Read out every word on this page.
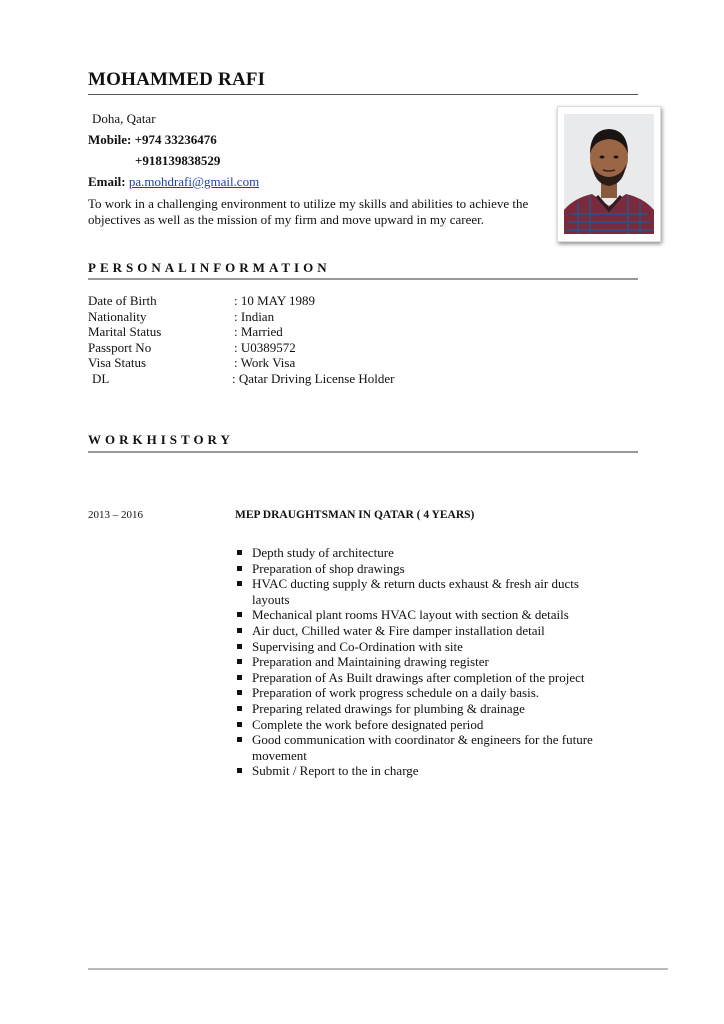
MOHAMMED RAFI
Doha, Qatar
Mobile: +974 33236476
+918139838529
Email: pa.mohdrafi@gmail.com
To work in a challenging environment to utilize my skills and abilities to achieve the objectives as well as the mission of my firm and move upward in my career.
PERSONALINFORMATION
Date of Birth	: 10 MAY 1989
Nationality	: Indian
Marital Status	: Married
Passport No	: U0389572
Visa Status	: Work Visa
DL	: Qatar Driving License Holder
WORKHISTORY
2013 – 2016	MEP DRAUGHTSMAN IN QATAR ( 4 YEARS)
Depth study of architecture
Preparation of shop drawings
HVAC ducting supply & return ducts exhaust & fresh air ducts layouts
Mechanical plant rooms HVAC layout with section & details
Air duct, Chilled water & Fire damper installation detail
Supervising and Co-Ordination with site
Preparation and Maintaining drawing register
Preparation of As Built drawings after completion of the project
Preparation of work progress schedule on a daily basis.
Preparing related drawings for plumbing & drainage
Complete the work before designated period
Good communication with coordinator & engineers for the future movement
Submit / Report to the in charge
